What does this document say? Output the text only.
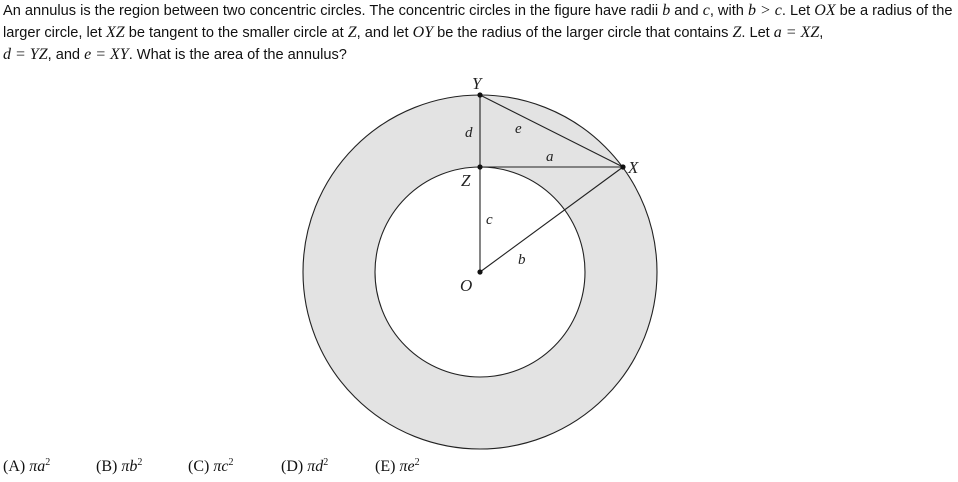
An annulus is the region between two concentric circles. The concentric circles in the figure have radii b and c, with b > c. Let OX be a radius of the larger circle, let XZ be tangent to the smaller circle at Z, and let OY be the radius of the larger circle that contains Z. Let a = XZ,
d = YZ, and e = XY. What is the area of the annulus?

Y
Z
O
X
d	e
a
c
b
(A) $\pi a^2$	(B) $\pi b^2$	(C) $\pi c^2$	(D) $\pi d^2$	(E) $\pi e^2$
